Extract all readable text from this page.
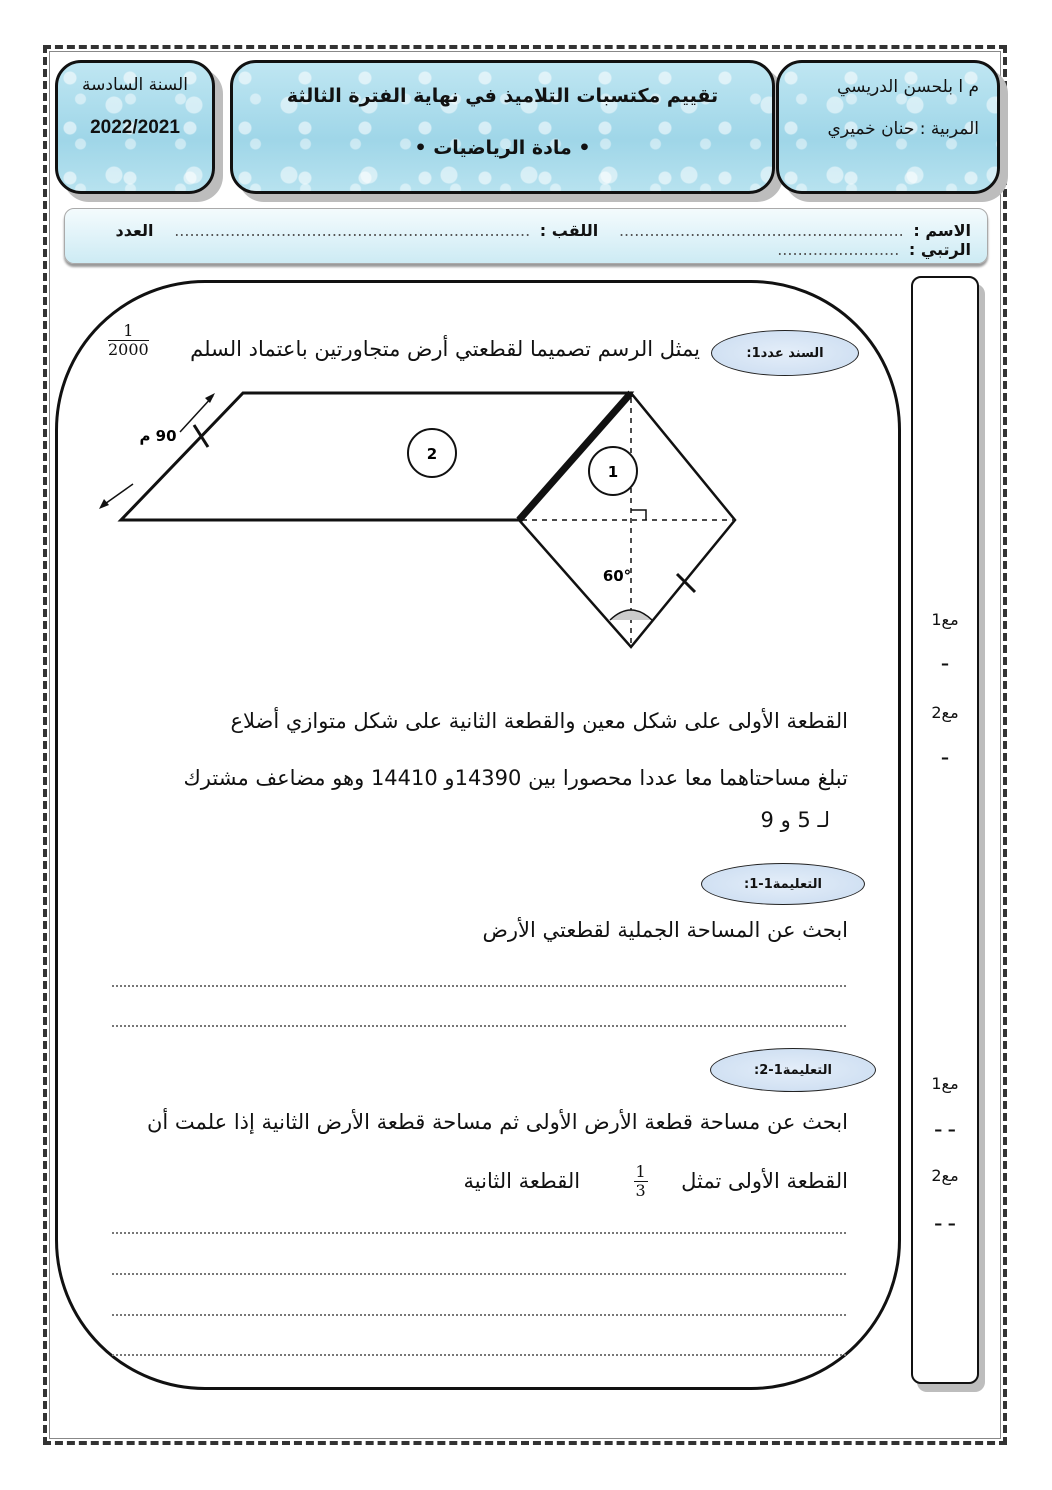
السنة السادسة
2022/2021
تقييم مكتسبات التلاميذ في نهاية الفترة الثالثة
• مادة الرياضيات •
م ا بلحسن الدريسي
المربية : حنان خميري
الاسم : ........................................................   اللقب : ......................................................................   العدد الرتبي : ........................
السند عدد1:
يمثل الرسم تصميما لقطعتي أرض متجاورتين باعتماد السلم
$\frac{1}{2000}$
90 م
2
1
60°
القطعة الأولى على شكل معين والقطعة الثانية على شكل متوازي أضلاع
تبلغ مساحتاهما معا عددا محصورا بين 14390و 14410 وهو مضاعف مشترك
لـ 5 و 9
التعليمة1-1:
ابحث عن المساحة الجملية لقطعتي الأرض
التعليمة1-2:
ابحث عن مساحة قطعة الأرض الأولى ثم مساحة قطعة الأرض الثانية إذا علمت أن
القطعة الأولى تمثل
$\frac{1}{3}$
القطعة الثانية
مع1
–
مع2
–
مع1
– –
مع2
– –
